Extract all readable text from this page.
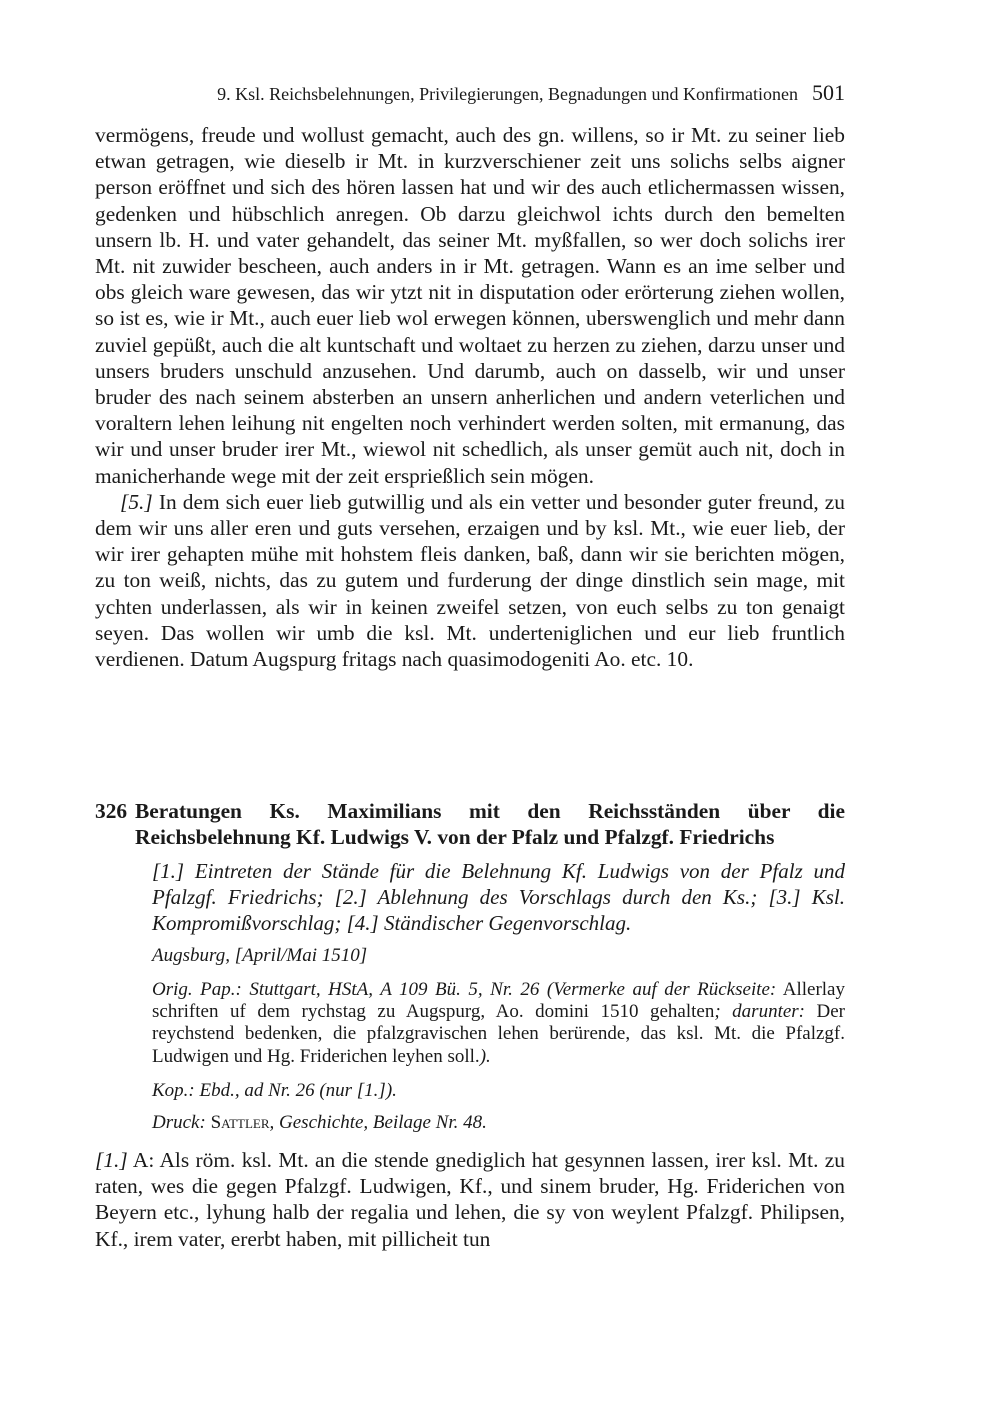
9. Ksl. Reichsbelehnungen, Privilegierungen, Begnadungen und Konfirmationen 501

vermögens, freude und wollust gemacht, auch des gn. willens, so ir Mt. zu seiner lieb etwan getragen, wie dieselb ir Mt. in kurzverschiener zeit uns solichs selbs aigner person eröffnet und sich des hören lassen hat und wir des auch etlichermassen wissen, gedenken und hübschlich anregen. Ob darzu gleichwol ichts durch den bemelten unsern lb. H. und vater gehandelt, das seiner Mt. myßfallen, so wer doch solichs irer Mt. nit zuwider bescheen, auch anders in ir Mt. getragen. Wann es an ime selber und obs gleich ware gewesen, das wir ytzt nit in disputation oder erörterung ziehen wollen, so ist es, wie ir Mt., auch euer lieb wol erwegen können, uberswenglich und mehr dann zuviel gepüßt, auch die alt kuntschaft und woltaet zu herzen zu ziehen, darzu unser und unsers bruders unschuld anzusehen. Und darumb, auch on dasselb, wir und unser bruder des nach seinem absterben an unsern anherlichen und andern veterlichen und voraltern lehen leihung nit engelten noch verhindert werden solten, mit ermanung, das wir und unser bruder irer Mt., wiewol nit schedlich, als unser gemüt auch nit, doch in manicherhande wege mit der zeit ersprießlich sein mögen.

[5.] In dem sich euer lieb gutwillig und als ein vetter und besonder guter freund, zu dem wir uns aller eren und guts versehen, erzaigen und by ksl. Mt., wie euer lieb, der wir irer gehapten mühe mit hohstem fleis danken, baß, dann wir sie berichten mögen, zu ton weiß, nichts, das zu gutem und furderung der dinge dinstlich sein mage, mit ychten underlassen, als wir in keinen zweifel setzen, von euch selbs zu ton genaigt seyen. Das wollen wir umb die ksl. Mt. underteniglichen und eur lieb fruntlich verdienen. Datum Augspurg fritags nach quasimodogeniti Ao. etc. 10.

326 Beratungen Ks. Maximilians mit den Reichsständen über die Reichsbelehnung Kf. Ludwigs V. von der Pfalz und Pfalzgf. Friedrichs

[1.] Eintreten der Stände für die Belehnung Kf. Ludwigs von der Pfalz und Pfalzgf. Friedrichs; [2.] Ablehnung des Vorschlags durch den Ks.; [3.] Ksl. Kompromißvorschlag; [4.] Ständischer Gegenvorschlag.

Augsburg, [April/Mai 1510]

Orig. Pap.: Stuttgart, HStA, A 109 Bü. 5, Nr. 26 (Vermerke auf der Rückseite: Allerlay schriften uf dem rychstag zu Augspurg, Ao. domini 1510 gehalten; darunter: Der reychstend bedenken, die pfalzgravischen lehen berürende, das ksl. Mt. die Pfalzgf. Ludwigen und Hg. Friderichen leyhen soll.).

Kop.: Ebd., ad Nr. 26 (nur [1.]).

Druck: Sattler, Geschichte, Beilage Nr. 48.

[1.] A: Als röm. ksl. Mt. an die stende gnediglich hat gesynnen lassen, irer ksl. Mt. zu raten, wes die gegen Pfalzgf. Ludwigen, Kf., und sinem bruder, Hg. Friderichen von Beyern etc., lyhung halb der regalia und lehen, die sy von weylent Pfalzgf. Philipsen, Kf., irem vater, ererbt haben, mit pillicheit tun
